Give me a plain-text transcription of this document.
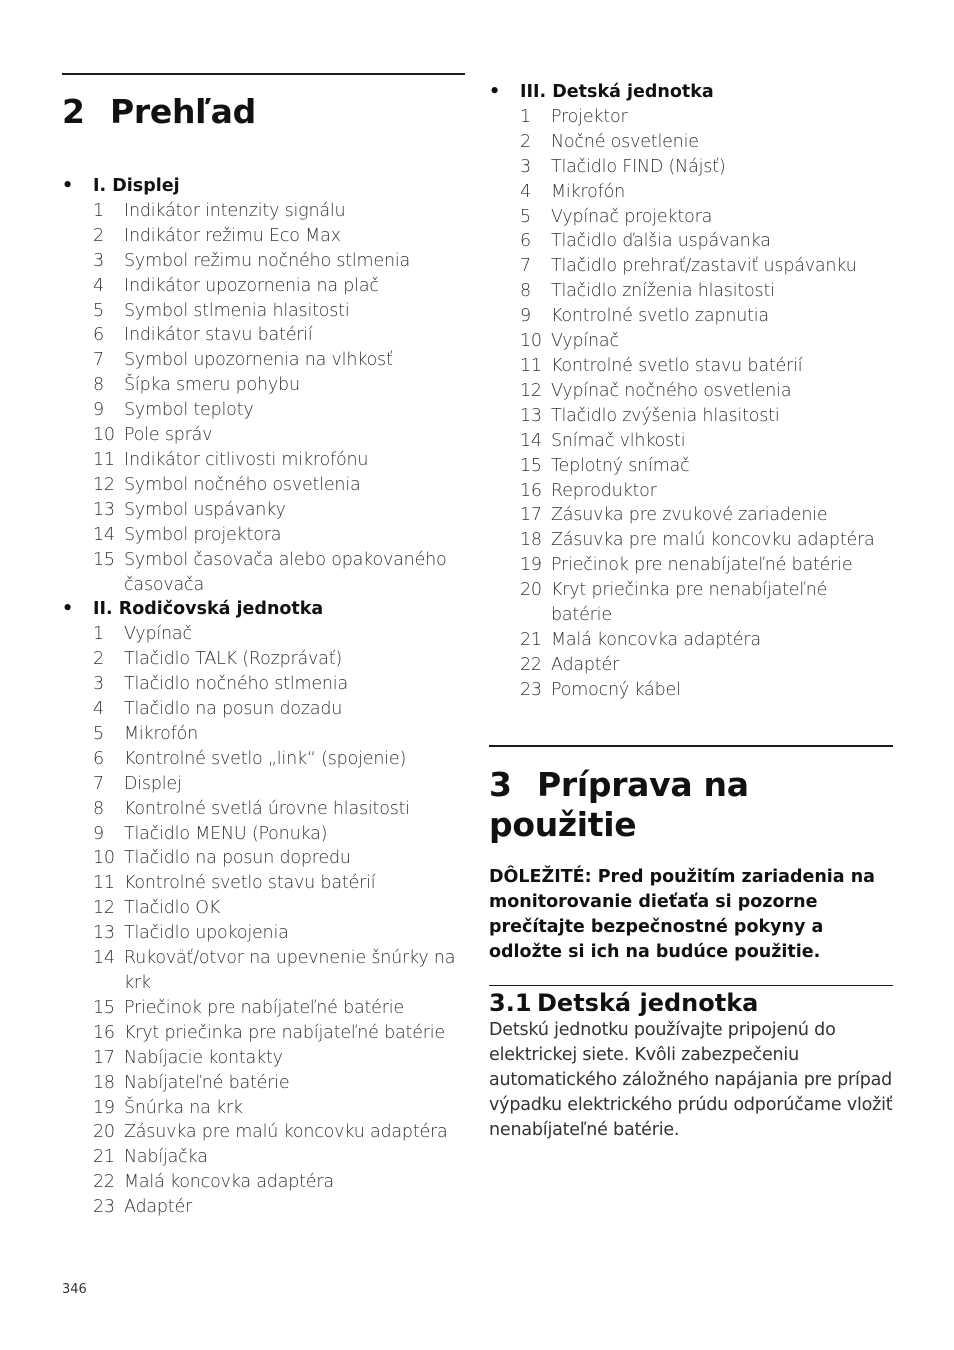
2 Prehľad
• I. Displej
1	Indikátor intenzity signálu
2	Indikátor režimu Eco Max
3	Symbol režimu nočného stlmenia
4	Indikátor upozornenia na plač
5	Symbol stlmenia hlasitosti
6	Indikátor stavu batérií
7	Symbol upozornenia na vlhkosť
8	Šípka smeru pohybu
9	Symbol teploty
10 Pole správ
11 Indikátor citlivosti mikrofónu
12 Symbol nočného osvetlenia
13 Symbol uspávanky
14 Symbol projektora
15 Symbol časovača alebo opakovaného časovača
• II. Rodičovská jednotka
1	Vypínač
2	Tlačidlo TALK (Rozprávať)
3	Tlačidlo nočného stlmenia
4	Tlačidlo na posun dozadu
5	Mikrofón
6	Kontrolné svetlo „link“ (spojenie)
7	Displej
8	Kontrolné svetlá úrovne hlasitosti
9	Tlačidlo MENU (Ponuka)
10 Tlačidlo na posun dopredu
11 Kontrolné svetlo stavu batérií
12 Tlačidlo OK
13 Tlačidlo upokojenia
14 Rukoväť/otvor na upevnenie šnúrky na krk
15 Priečinok pre nabíjateľné batérie
16 Kryt priečinka pre nabíjateľné batérie
17 Nabíjacie kontakty
18 Nabíjateľné batérie
19 Šnúrka na krk
20 Zásuvka pre malú koncovku adaptéra
21 Nabíjačka
22 Malá koncovka adaptéra
23 Adaptér
• III. Detská jednotka
1	Projektor
2	Nočné osvetlenie
3	Tlačidlo FIND (Nájsť)
4	Mikrofón
5	Vypínač projektora
6	Tlačidlo ďalšia uspávanka
7	Tlačidlo prehrať/zastaviť uspávanku
8	Tlačidlo zníženia hlasitosti
9	Kontrolné svetlo zapnutia
10 Vypínač
11 Kontrolné svetlo stavu batérií
12 Vypínač nočného osvetlenia
13 Tlačidlo zvýšenia hlasitosti
14 Snímač vlhkosti
15 Teplotný snímač
16 Reproduktor
17 Zásuvka pre zvukové zariadenie
18 Zásuvka pre malú koncovku adaptéra
19 Priečinok pre nenabíjateľné batérie
20 Kryt priečinka pre nenabíjateľné batérie
21 Malá koncovka adaptéra
22 Adaptér
23 Pomocný kábel
3 Príprava na použitie
DÔLEŽITÉ: Pred použitím zariadenia na monitorovanie dieťaťa si pozorne prečítajte bezpečnostné pokyny a odložte si ich na budúce použitie.
3.1 Detská jednotka
Detskú jednotku používajte pripojenú do elektrickej siete. Kvôli zabezpečeniu automatického záložného napájania pre prípad výpadku elektrického prúdu odporúčame vložiť nenabíjateľné batérie.
346
